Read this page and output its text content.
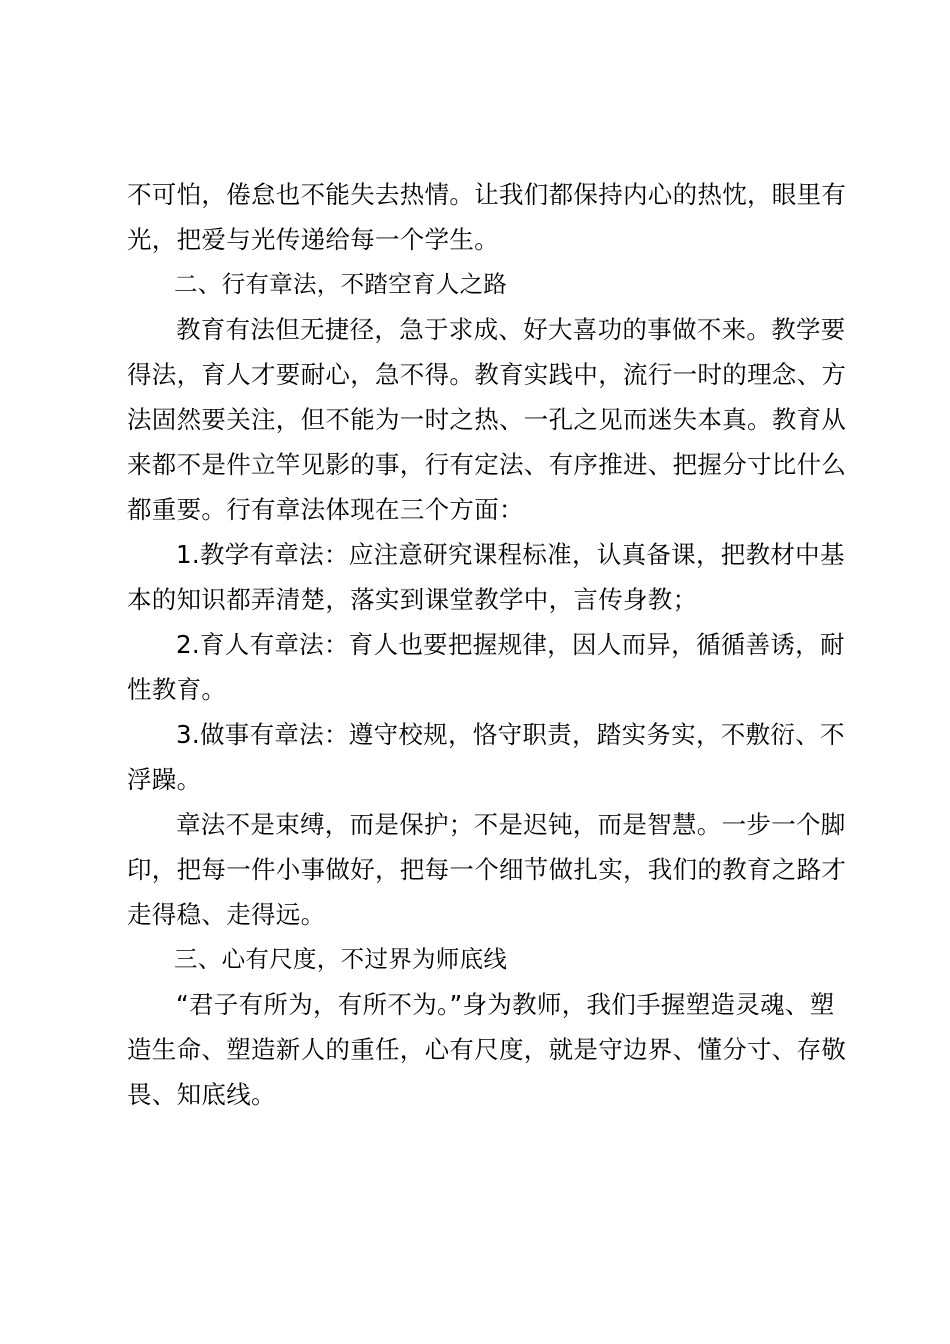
不可怕，倦怠也不能失去热情。让我们都保持内心的热忱，眼里有光，把爱与光传递给每一个学生。

二、行有章法，不踏空育人之路

教育有法但无捷径，急于求成、好大喜功的事做不来。教学要得法，育人才要耐心，急不得。教育实践中，流行一时的理念、方法固然要关注，但不能为一时之热、一孔之见而迷失本真。教育从来都不是件立竿见影的事，行有定法、有序推进、把握分寸比什么都重要。行有章法体现在三个方面：

1.教学有章法：应注意研究课程标准，认真备课，把教材中基本的知识都弄清楚，落实到课堂教学中，言传身教；

2.育人有章法：育人也要把握规律，因人而异，循循善诱，耐性教育。

3.做事有章法：遵守校规，恪守职责，踏实务实，不敷衍、不浮躁。

章法不是束缚，而是保护；不是迟钝，而是智慧。一步一个脚印，把每一件小事做好，把每一个细节做扎实，我们的教育之路才走得稳、走得远。

三、心有尺度，不过界为师底线

“君子有所为，有所不为。”身为教师，我们手握塑造灵魂、塑造生命、塑造新人的重任，心有尺度，就是守边界、懂分寸、存敬畏、知底线。
